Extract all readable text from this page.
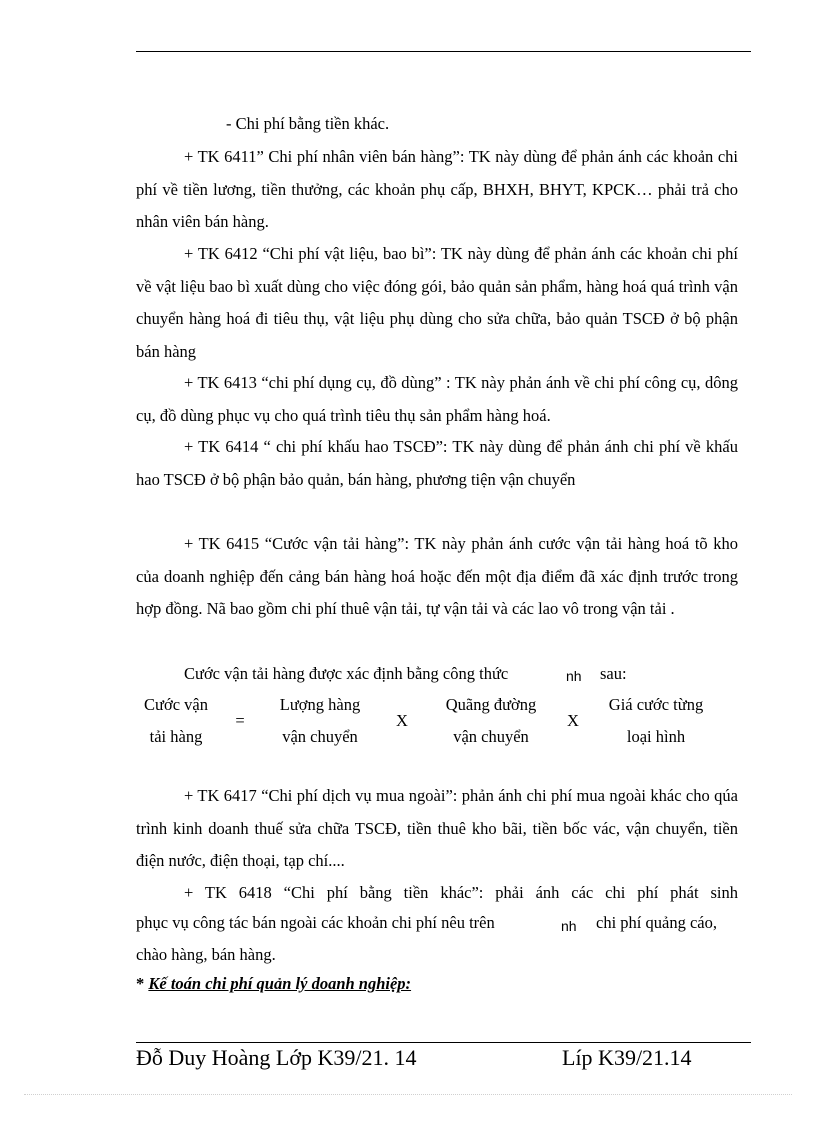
- Chi phí bằng tiền khác.

+ TK 6411” Chi phí nhân viên bán hàng”: TK này dùng để phản ánh các khoản chi phí về tiền lương, tiền thưởng, các khoản phụ cấp, BHXH, BHYT, KPCK… phải trả cho nhân viên bán hàng.

+ TK 6412 “Chi phí vật liệu, bao bì”: TK này dùng để phản ánh các khoản chi phí về vật liệu bao bì xuất dùng cho việc đóng gói, bảo quản sản phẩm, hàng hoá quá trình vận chuyển hàng hoá đi tiêu thụ, vật liệu phụ dùng cho sửa chữa, bảo quản TSCĐ ở bộ phận bán hàng

+ TK 6413 “chi phí dụng cụ, đồ dùng” : TK này phản ánh về chi phí công cụ, dông cụ, đồ dùng phục vụ cho quá trình tiêu thụ sản phẩm hàng hoá.

+ TK 6414 “ chi phí khấu hao TSCĐ”: TK này dùng để phản ánh chi phí về khấu hao TSCĐ ở bộ phận bảo quản, bán hàng, phương tiện vận chuyển

+ TK 6415 “Cước vận tải hàng”: TK này phản ánh cước vận tải hàng hoá tõ kho của doanh nghiệp đến cảng bán hàng hoá hoặc đến một địa điểm đã xác định trước trong hợp đồng. Nã bao gồm chi phí thuê vận tải, tự vận tải và các lao vô trong vận tải .

Cước vận tải hàng được xác định bằng công thức	nh sau:
Cước vận
tải hàng
=
Lượng hàng
vận chuyển
X
Quãng đường
vận chuyển
X
Giá cước từng
loại hình

+ TK 6417 “Chi phí dịch vụ mua ngoài”: phản ánh chi phí mua ngoài khác cho qúa trình kinh doanh thuế sửa chữa TSCĐ, tiền thuê kho bãi, tiền bốc vác, vận chuyển, tiền điện nước, điện thoại, tạp chí....

+ TK 6418 “Chi phí bằng tiền khác”: phải ánh các chi phí phát sinh

phục vụ công tác bán ngoài các khoản chi phí nêu trên	nh chi phí quảng cáo,
chào hàng, bán hàng.
* Kế toán chi phí quản lý doanh nghiệp:
Đỗ Duy Hoàng Lớp K39/21. 14	Líp K39/21.14
